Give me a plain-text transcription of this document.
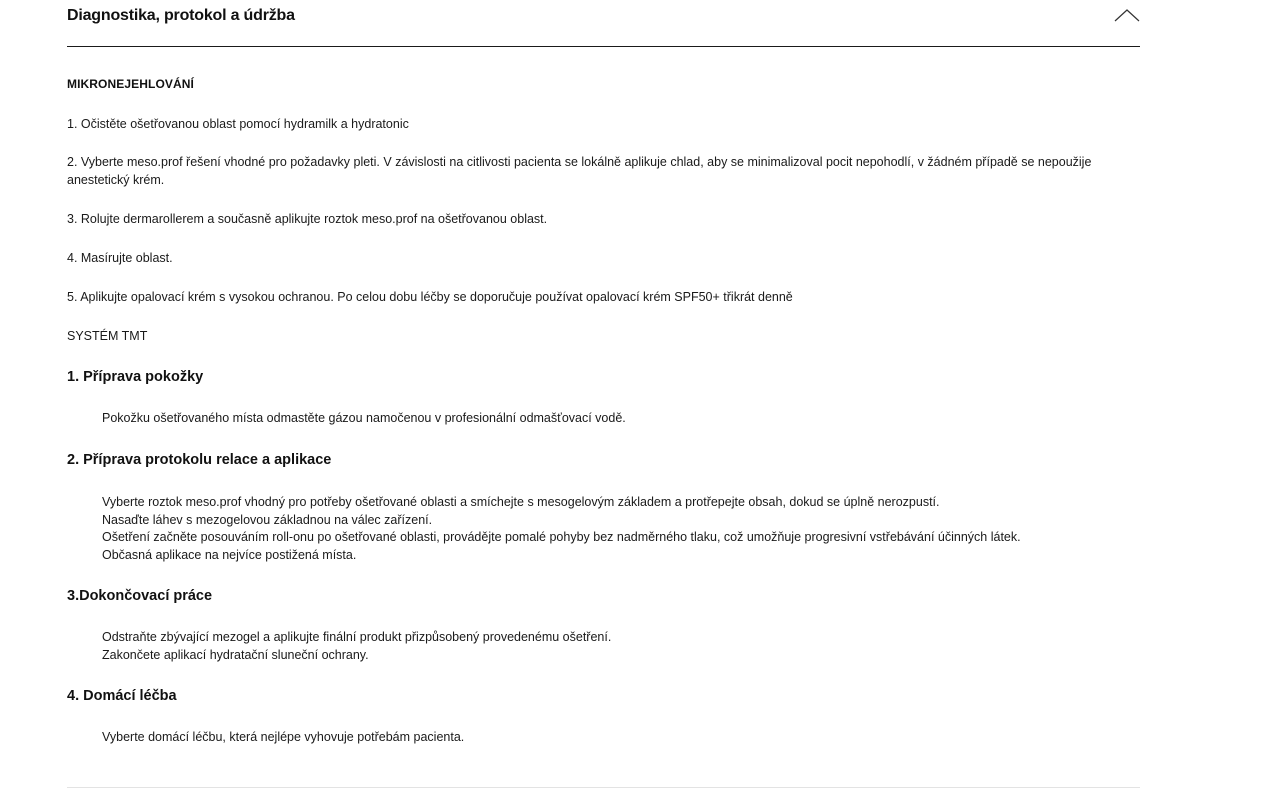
Diagnostika, protokol a údržba
MIKRONEJEHLOVÁNÍ
1. Očistěte ošetřovanou oblast pomocí hydramilk a hydratonic
2. Vyberte meso.prof řešení vhodné pro požadavky pleti. V závislosti na citlivosti pacienta se lokálně aplikuje chlad, aby se minimalizoval pocit nepohodlí, v žádném případě se nepoužije anestetický krém.
3. Rolujte dermarollerem a současně aplikujte roztok meso.prof na ošetřovanou oblast.
4. Masírujte oblast.
5. Aplikujte opalovací krém s vysokou ochranou. Po celou dobu léčby se doporučuje používat opalovací krém SPF50+ třikrát denně
SYSTÉM TMT
1. Příprava pokožky
Pokožku ošetřovaného místa odmastěte gázou namočenou v profesionální odmašťovací vodě.
2. Příprava protokolu relace a aplikace
Vyberte roztok meso.prof vhodný pro potřeby ošetřované oblasti a smíchejte s mesogelovým základem a protřepejte obsah, dokud se úplně nerozpustí.
Nasaďte láhev s mezogelovou základnou na válec zařízení.
Ošetření začněte posouváním roll-onu po ošetřované oblasti, provádějte pomalé pohyby bez nadměrného tlaku, což umožňuje progresivní vstřebávání účinných látek.
Občasná aplikace na nejvíce postižená místa.
3.Dokončovací práce
Odstraňte zbývající mezogel a aplikujte finální produkt přizpůsobený provedenému ošetření.
Zakončete aplikací hydratační sluneční ochrany.
4. Domácí léčba
Vyberte domácí léčbu, která nejlépe vyhovuje potřebám pacienta.
